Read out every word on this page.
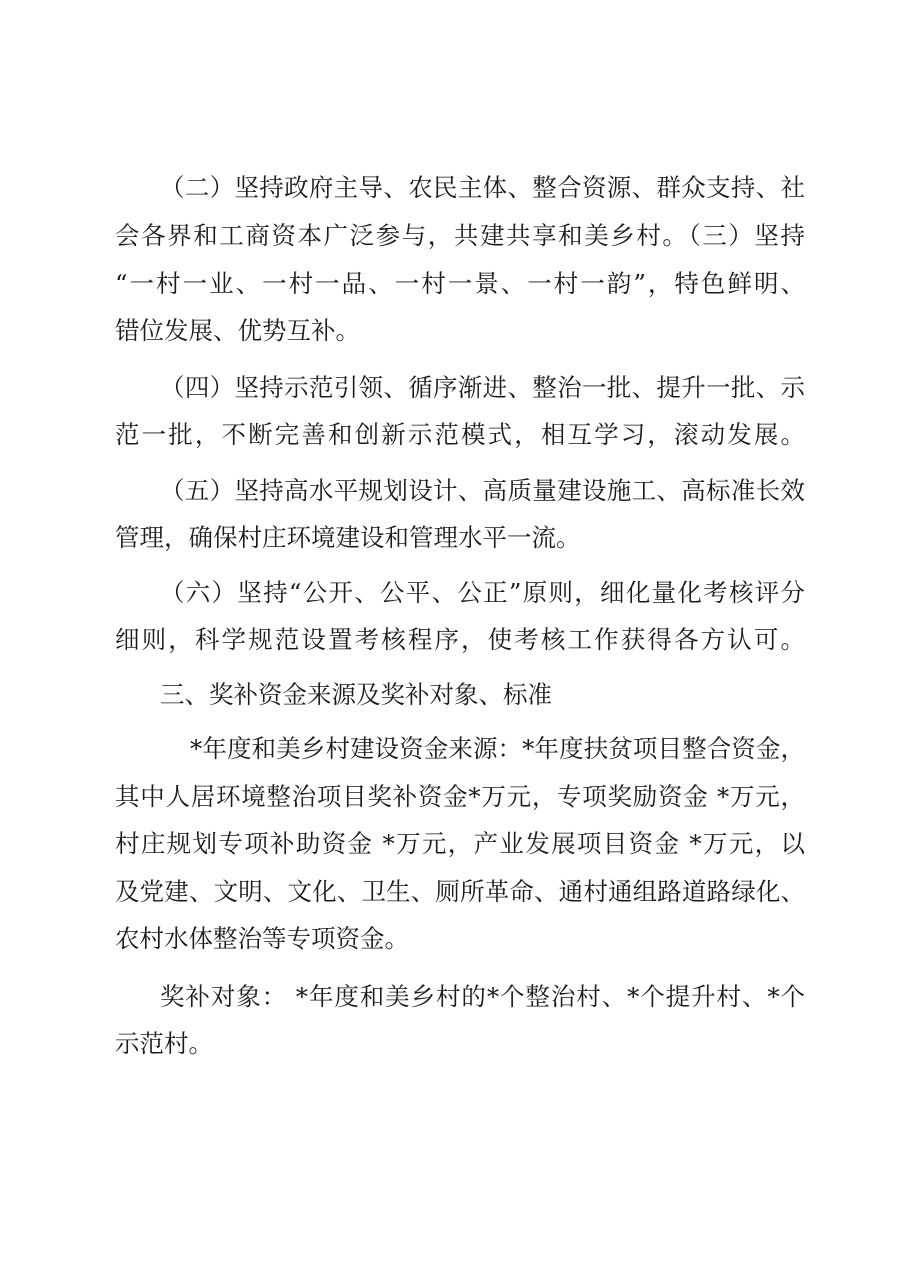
（二）坚持政府主导、农民主体、整合资源、群众支持、社

会各界和工商资本广泛参与，共建共享和美乡村。（三）坚持

“一村一业、一村一品、一村一景、一村一韵”，特色鲜明、

错位发展、优势互补。

（四）坚持示范引领、循序渐进、整治一批、提升一批、示

范一批，不断完善和创新示范模式，相互学习，滚动发展。

（五）坚持高水平规划设计、高质量建设施工、高标准长效

管理，确保村庄环境建设和管理水平一流。

（六）坚持“公开、公平、公正”原则，细化量化考核评分

细则，科学规范设置考核程序，使考核工作获得各方认可。

三、奖补资金来源及奖补对象、标准

*年度和美乡村建设资金来源：*年度扶贫项目整合资金，

其中人居环境整治项目奖补资金*万元，专项奖励资金 *万元，

村庄规划专项补助资金 *万元，产业发展项目资金 *万元，以

及党建、文明、文化、卫生、厕所革命、通村通组路道路绿化、

农村水体整治等专项资金。

奖补对象： *年度和美乡村的*个整治村、*个提升村、*个

示范村。
